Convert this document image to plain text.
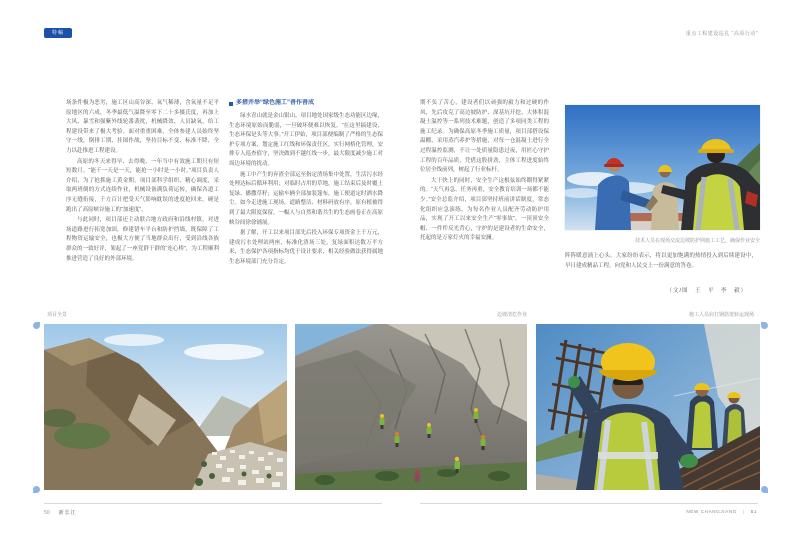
特稿	重点工程建设巡礼 “高原行动”

场条件极为恶劣，施工区山高谷深、氧气稀薄，含氧量不足平原地区的六成，冬季最低气温降至零下二十多摄氏度，再加上大风、暴雪和强紫外线轮番袭扰，机械降效、人员缺氧，给工程建设带来了极大考验。面对重重困难，全体参建人员始终坚守一线，倒排工期、挂图作战，坚持目标不变、标准不降，全力以赴推进工程建设。

高原的冬天来得早、去得晚，一年当中有效施工期只有短短数月。“能干一天是一天，能抢一小时是一小时。”项目负责人介绍，为了抢抓施工黄金期，项目部科学组织、精心调度，采取两班倒的方式连续作业，机械设备满负荷运转，确保各道工序无缝衔接，千方百计把受天气影响耽误的进度抢回来，硬是跑出了高原峡谷施工的“加速度”。

与此同时，项目部还主动联合地方政府和沿线村镇，对进场道路进行拓宽加固，修建错车平台和防护挡墙，既保障了工程物资运输安全，也极大方便了当地群众出行，受到沿线各族群众的一致好评，架起了一座党群干群的“连心桥”，为工程顺利推进营造了良好的外部环境。

多措并举“绿色施工”善作善成

绿水青山就是金山银山。项目地处国家级生态功能区边缘，生态环境原始而脆弱，一旦破坏便难以恢复。“在这里搞建设，生态环保是头等大事。”开工伊始，项目部便编制了严格的生态保护专项方案，划定施工红线和环保责任区，实行网格化管理，安排专人巡查值守，坚决做到不越红线一步，最大限度减少施工对周边环境的扰动。

施工中产生的弃渣全部运至指定渣场集中处置，生活污水经处理达标后循环利用；对临时占用的草地，施工结束后及时覆土复绿、播撒草籽；运输车辆全部加装篷布，施工便道定时洒水降尘。如今走进施工现场，道路整洁、材料码放有序，原有植被得到了最大限度保留，一幅人与自然和谐共生的生态画卷正在高原峡谷间徐徐铺展。

据了解，开工以来项目部先后投入环保专项资金上千万元，建成污水处理站两座、标准化渣场三处，复绿面积达数万平方米，生态保护各项指标均优于设计要求，相关经验做法获得属地生态环境部门充分肯定。

期不负了苦心，建设者们以顽强的毅力和过硬的作风，先后攻克了高边坡防护、深基坑开挖、大体积混凝土温控等一系列技术难题，创造了多项同类工程的施工纪录。为确保高原冬季施工质量，项目部搭设保温棚、采用蒸汽养护等措施，对每一仓混凝土进行全过程温控监测，不让一处质量隐患过夜，用匠心守护工程的百年品质，凭借这股拼劲，主体工程进度始终位居全线前列，树起了行业标杆。

大干快上的同时，安全生产这根弦始终绷得紧紧的。“天气再急、任务再重，安全教育培训一场都不能少。”安全总监介绍，项目部坚持班前讲话制度，常态化组织应急演练，为每名作业人员配齐劳动防护用品，实现了开工以来安全生产“零事故”。一顶顶安全帽、一件件反光背心，守护的是建设者的生命安全，托起的是万家灯火的幸福安澜。	技术人员在现场交流边坡防护网施工工艺，确保作业安全

阵阵暖意涌上心头。大家纷纷表示，将以更加饱满的热情投入到后续建设中，早日建成精品工程，向党和人民交上一份满意的答卷。

（文/图　王　平　李　毅）
项目全景	边坡清危作业	施工人员肩扛钢筋笼转运现场
50 新长江	NEW CHANGJIANG | 51
